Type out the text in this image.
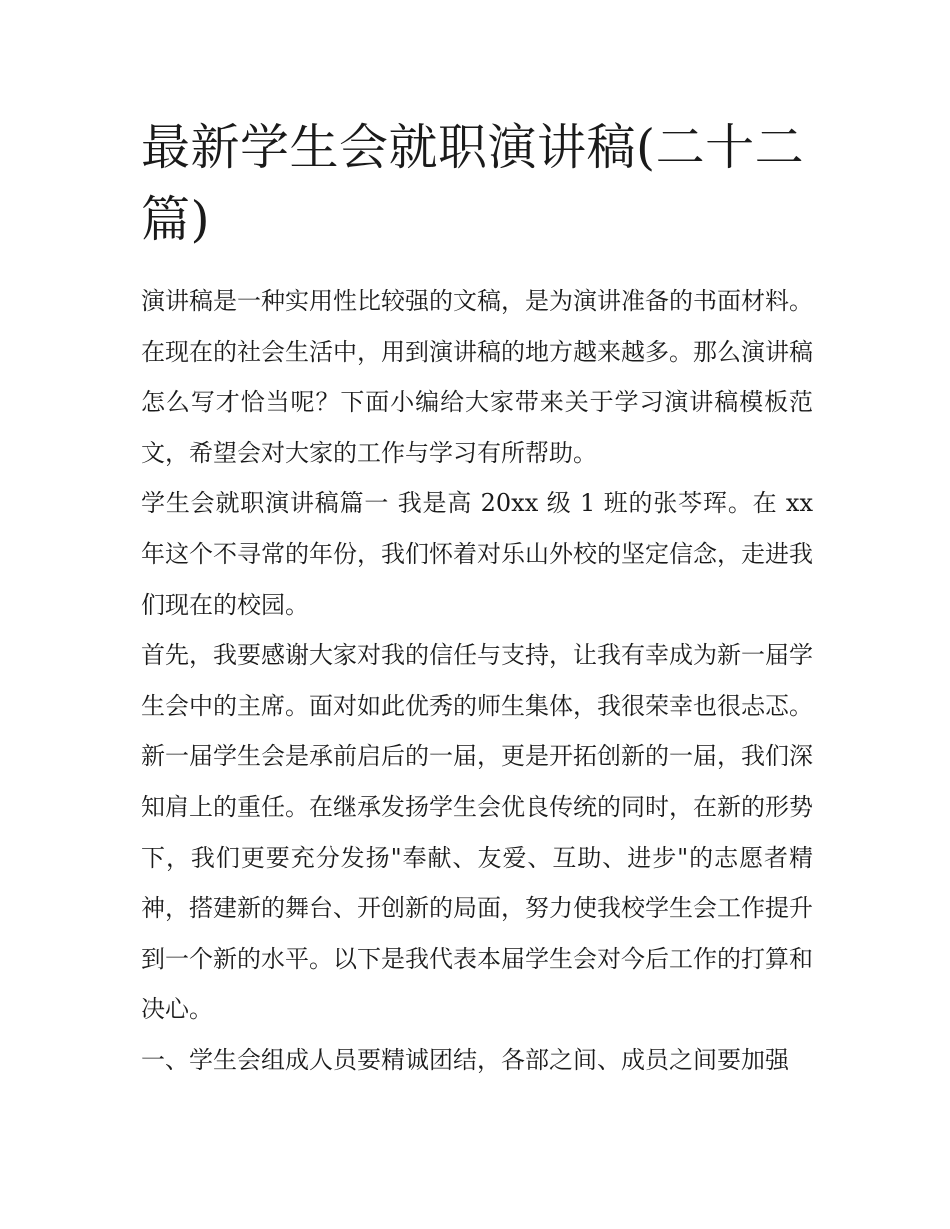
最新学生会就职演讲稿(二十二篇)

演讲稿是一种实用性比较强的文稿，是为演讲准备的书面材料。在现在的社会生活中，用到演讲稿的地方越来越多。那么演讲稿怎么写才恰当呢？下面小编给大家带来关于学习演讲稿模板范文，希望会对大家的工作与学习有所帮助。

学生会就职演讲稿篇一 我是高 20xx 级 1 班的张芩珲。在 xx 年这个不寻常的年份，我们怀着对乐山外校的坚定信念，走进我们现在的校园。

首先，我要感谢大家对我的信任与支持，让我有幸成为新一届学生会中的主席。面对如此优秀的师生集体，我很荣幸也很忐忑。新一届学生会是承前启后的一届，更是开拓创新的一届，我们深知肩上的重任。在继承发扬学生会优良传统的同时，在新的形势下，我们更要充分发扬"奉献、友爱、互助、进步"的志愿者精神，搭建新的舞台、开创新的局面，努力使我校学生会工作提升到一个新的水平。以下是我代表本届学生会对今后工作的打算和决心。

一、学生会组成人员要精诚团结，各部之间、成员之间要加强
